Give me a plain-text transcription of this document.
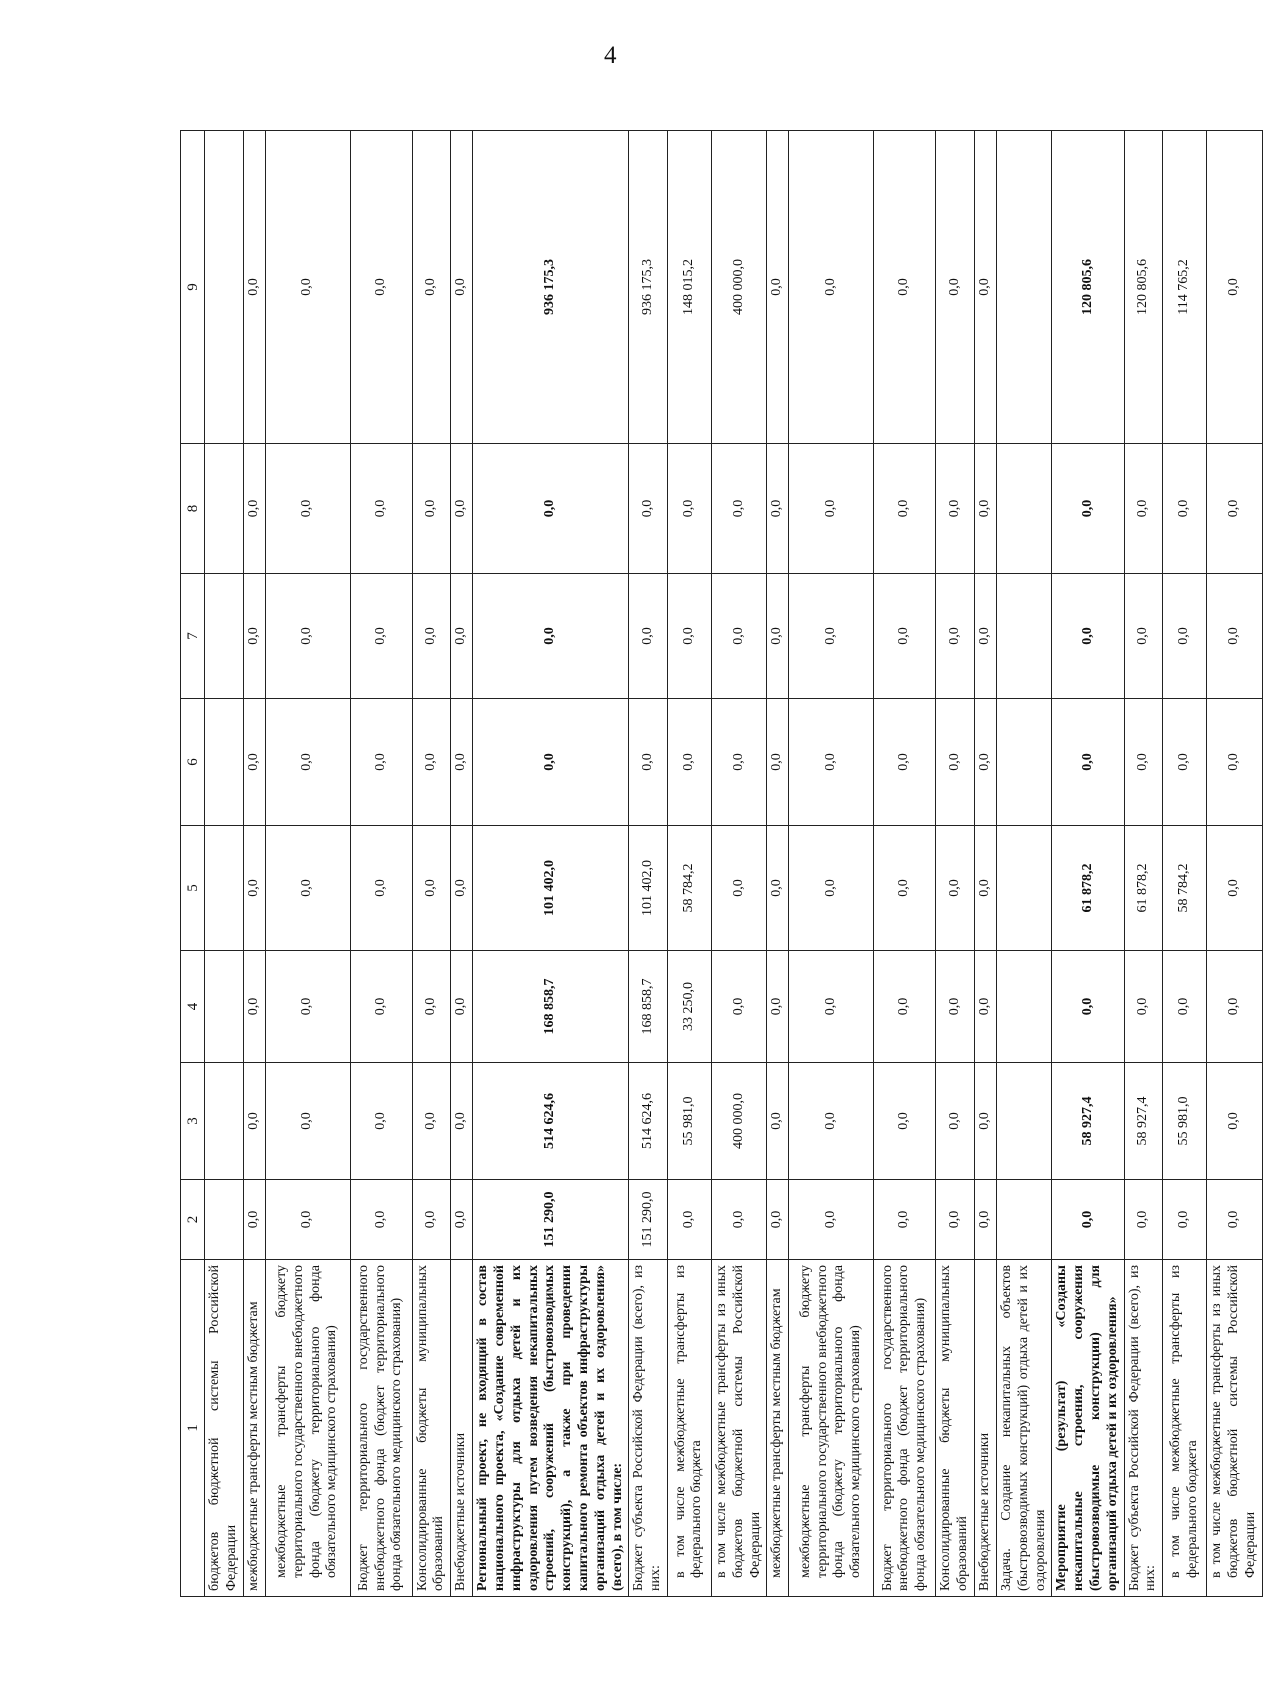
4
1	2	3	4	5	6	7	8	9
бюджетов бюджетной системы Российской Федерации								
межбюджетные трансферты местным бюджетам	0,0	0,0	0,0	0,0	0,0	0,0	0,0	0,0
межбюджетные трансферты бюджету территориального государственного внебюджетного фонда (бюджету территориального фонда обязательного медицинского страхования)	0,0	0,0	0,0	0,0	0,0	0,0	0,0	0,0
Бюджет территориального государственного внебюджетного фонда (бюджет территориального фонда обязательного медицинского страхования)	0,0	0,0	0,0	0,0	0,0	0,0	0,0	0,0
Консолидированные бюджеты муниципальных образований	0,0	0,0	0,0	0,0	0,0	0,0	0,0	0,0
Внебюджетные источники	0,0	0,0	0,0	0,0	0,0	0,0	0,0	0,0
Региональный проект, не входящий в состав национального проекта, «Создание современной инфраструктуры для отдыха детей и их оздоровления путем возведения некапитальных строений, сооружений (быстровозводимых конструкций), а также при проведении капитального ремонта объектов инфраструктуры организаций отдыха детей и их оздоровления» (всего), в том числе:	151 290,0	514 624,6	168 858,7	101 402,0	0,0	0,0	0,0	936 175,3
Бюджет субъекта Российской Федерации (всего), из них:	151 290,0	514 624,6	168 858,7	101 402,0	0,0	0,0	0,0	936 175,3
в том числе межбюджетные трансферты из федерального бюджета	0,0	55 981,0	33 250,0	58 784,2	0,0	0,0	0,0	148 015,2
в том числе межбюджетные трансферты из иных бюджетов бюджетной системы Российской Федерации	0,0	400 000,0	0,0	0,0	0,0	0,0	0,0	400 000,0
межбюджетные трансферты местным бюджетам	0,0	0,0	0,0	0,0	0,0	0,0	0,0	0,0
межбюджетные трансферты бюджету территориального государственного внебюджетного фонда (бюджету территориального фонда обязательного медицинского страхования)	0,0	0,0	0,0	0,0	0,0	0,0	0,0	0,0
Бюджет территориального государственного внебюджетного фонда (бюджет территориального фонда обязательного медицинского страхования)	0,0	0,0	0,0	0,0	0,0	0,0	0,0	0,0
Консолидированные бюджеты муниципальных образований	0,0	0,0	0,0	0,0	0,0	0,0	0,0	0,0
Внебюджетные источники	0,0	0,0	0,0	0,0	0,0	0,0	0,0	0,0
Задача. Создание некапитальных объектов (быстровозводимых конструкций) отдыха детей и их оздоровления								
Мероприятие (результат) «Созданы некапитальные строения, сооружения (быстровозводимые конструкции) для организаций отдыха детей и их оздоровления»	0,0	58 927,4	0,0	61 878,2	0,0	0,0	0,0	120 805,6
Бюджет субъекта Российской Федерации (всего), из них:	0,0	58 927,4	0,0	61 878,2	0,0	0,0	0,0	120 805,6
в том числе межбюджетные трансферты из федерального бюджета	0,0	55 981,0	0,0	58 784,2	0,0	0,0	0,0	114 765,2
в том числе межбюджетные трансферты из иных бюджетов бюджетной системы Российской Федерации	0,0	0,0	0,0	0,0	0,0	0,0	0,0	0,0
